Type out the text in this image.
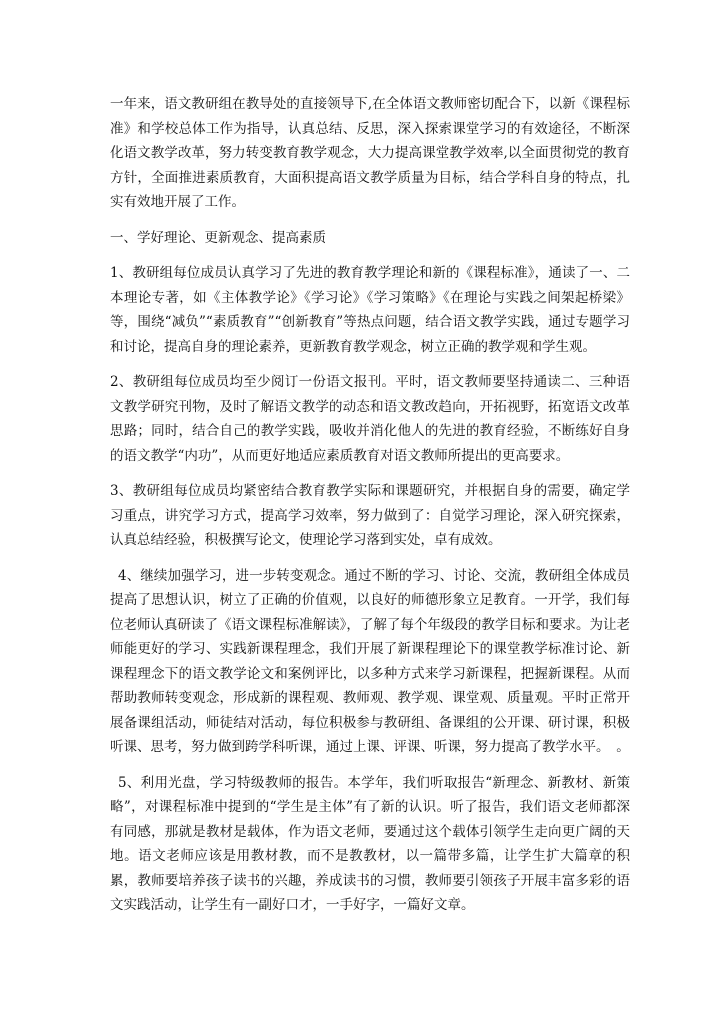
一年来，语文教研组在教导处的直接领导下,在全体语文教师密切配合下，以新《课程标准》和学校总体工作为指导，认真总结、反思，深入探索课堂学习的有效途径，不断深化语文教学改革，努力转变教育教学观念，大力提高课堂教学效率,以全面贯彻党的教育方针，全面推进素质教育，大面积提高语文教学质量为目标，结合学科自身的特点，扎实有效地开展了工作。

一、学好理论、更新观念、提高素质

1、教研组每位成员认真学习了先进的教育教学理论和新的《课程标准》，通读了一、二本理论专著，如《主体教学论》《学习论》《学习策略》《在理论与实践之间架起桥梁》等，围绕“减负”“素质教育”“创新教育”等热点问题，结合语文教学实践，通过专题学习和讨论，提高自身的理论素养，更新教育教学观念，树立正确的教学观和学生观。

2、教研组每位成员均至少阅订一份语文报刊。平时，语文教师要坚持通读二、三种语文教学研究刊物，及时了解语文教学的动态和语文教改趋向，开拓视野，拓宽语文改革思路；同时，结合自己的教学实践，吸收并消化他人的先进的教育经验，不断练好自身的语文教学“内功”，从而更好地适应素质教育对语文教师所提出的更高要求。

3、教研组每位成员均紧密结合教育教学实际和课题研究，并根据自身的需要，确定学习重点，讲究学习方式，提高学习效率，努力做到了：自觉学习理论，深入研究探索，认真总结经验，积极撰写论文，使理论学习落到实处，卓有成效。

4、继续加强学习，进一步转变观念。通过不断的学习、讨论、交流，教研组全体成员提高了思想认识，树立了正确的价值观，以良好的师德形象立足教育。一开学，我们每位老师认真研读了《语文课程标准解读》，了解了每个年级段的教学目标和要求。为让老师能更好的学习、实践新课程理念，我们开展了新课程理论下的课堂教学标准讨论、新课程理念下的语文教学论文和案例评比，以多种方式来学习新课程，把握新课程。从而帮助教师转变观念，形成新的课程观、教师观、教学观、课堂观、质量观。平时正常开展备课组活动，师徒结对活动，每位积极参与教研组、备课组的公开课、研讨课，积极听课、思考，努力做到跨学科听课，通过上课、评课、听课，努力提高了教学水平。　。

5、利用光盘，学习特级教师的报告。本学年，我们听取报告“新理念、新教材、新策略”，对课程标准中提到的“学生是主体”有了新的认识。听了报告，我们语文老师都深有同感，那就是教材是载体，作为语文老师，要通过这个载体引领学生走向更广阔的天地。语文老师应该是用教材教，而不是教教材，以一篇带多篇，让学生扩大篇章的积累，教师要培养孩子读书的兴趣，养成读书的习惯，教师要引领孩子开展丰富多彩的语文实践活动，让学生有一副好口才，一手好字，一篇好文章。
